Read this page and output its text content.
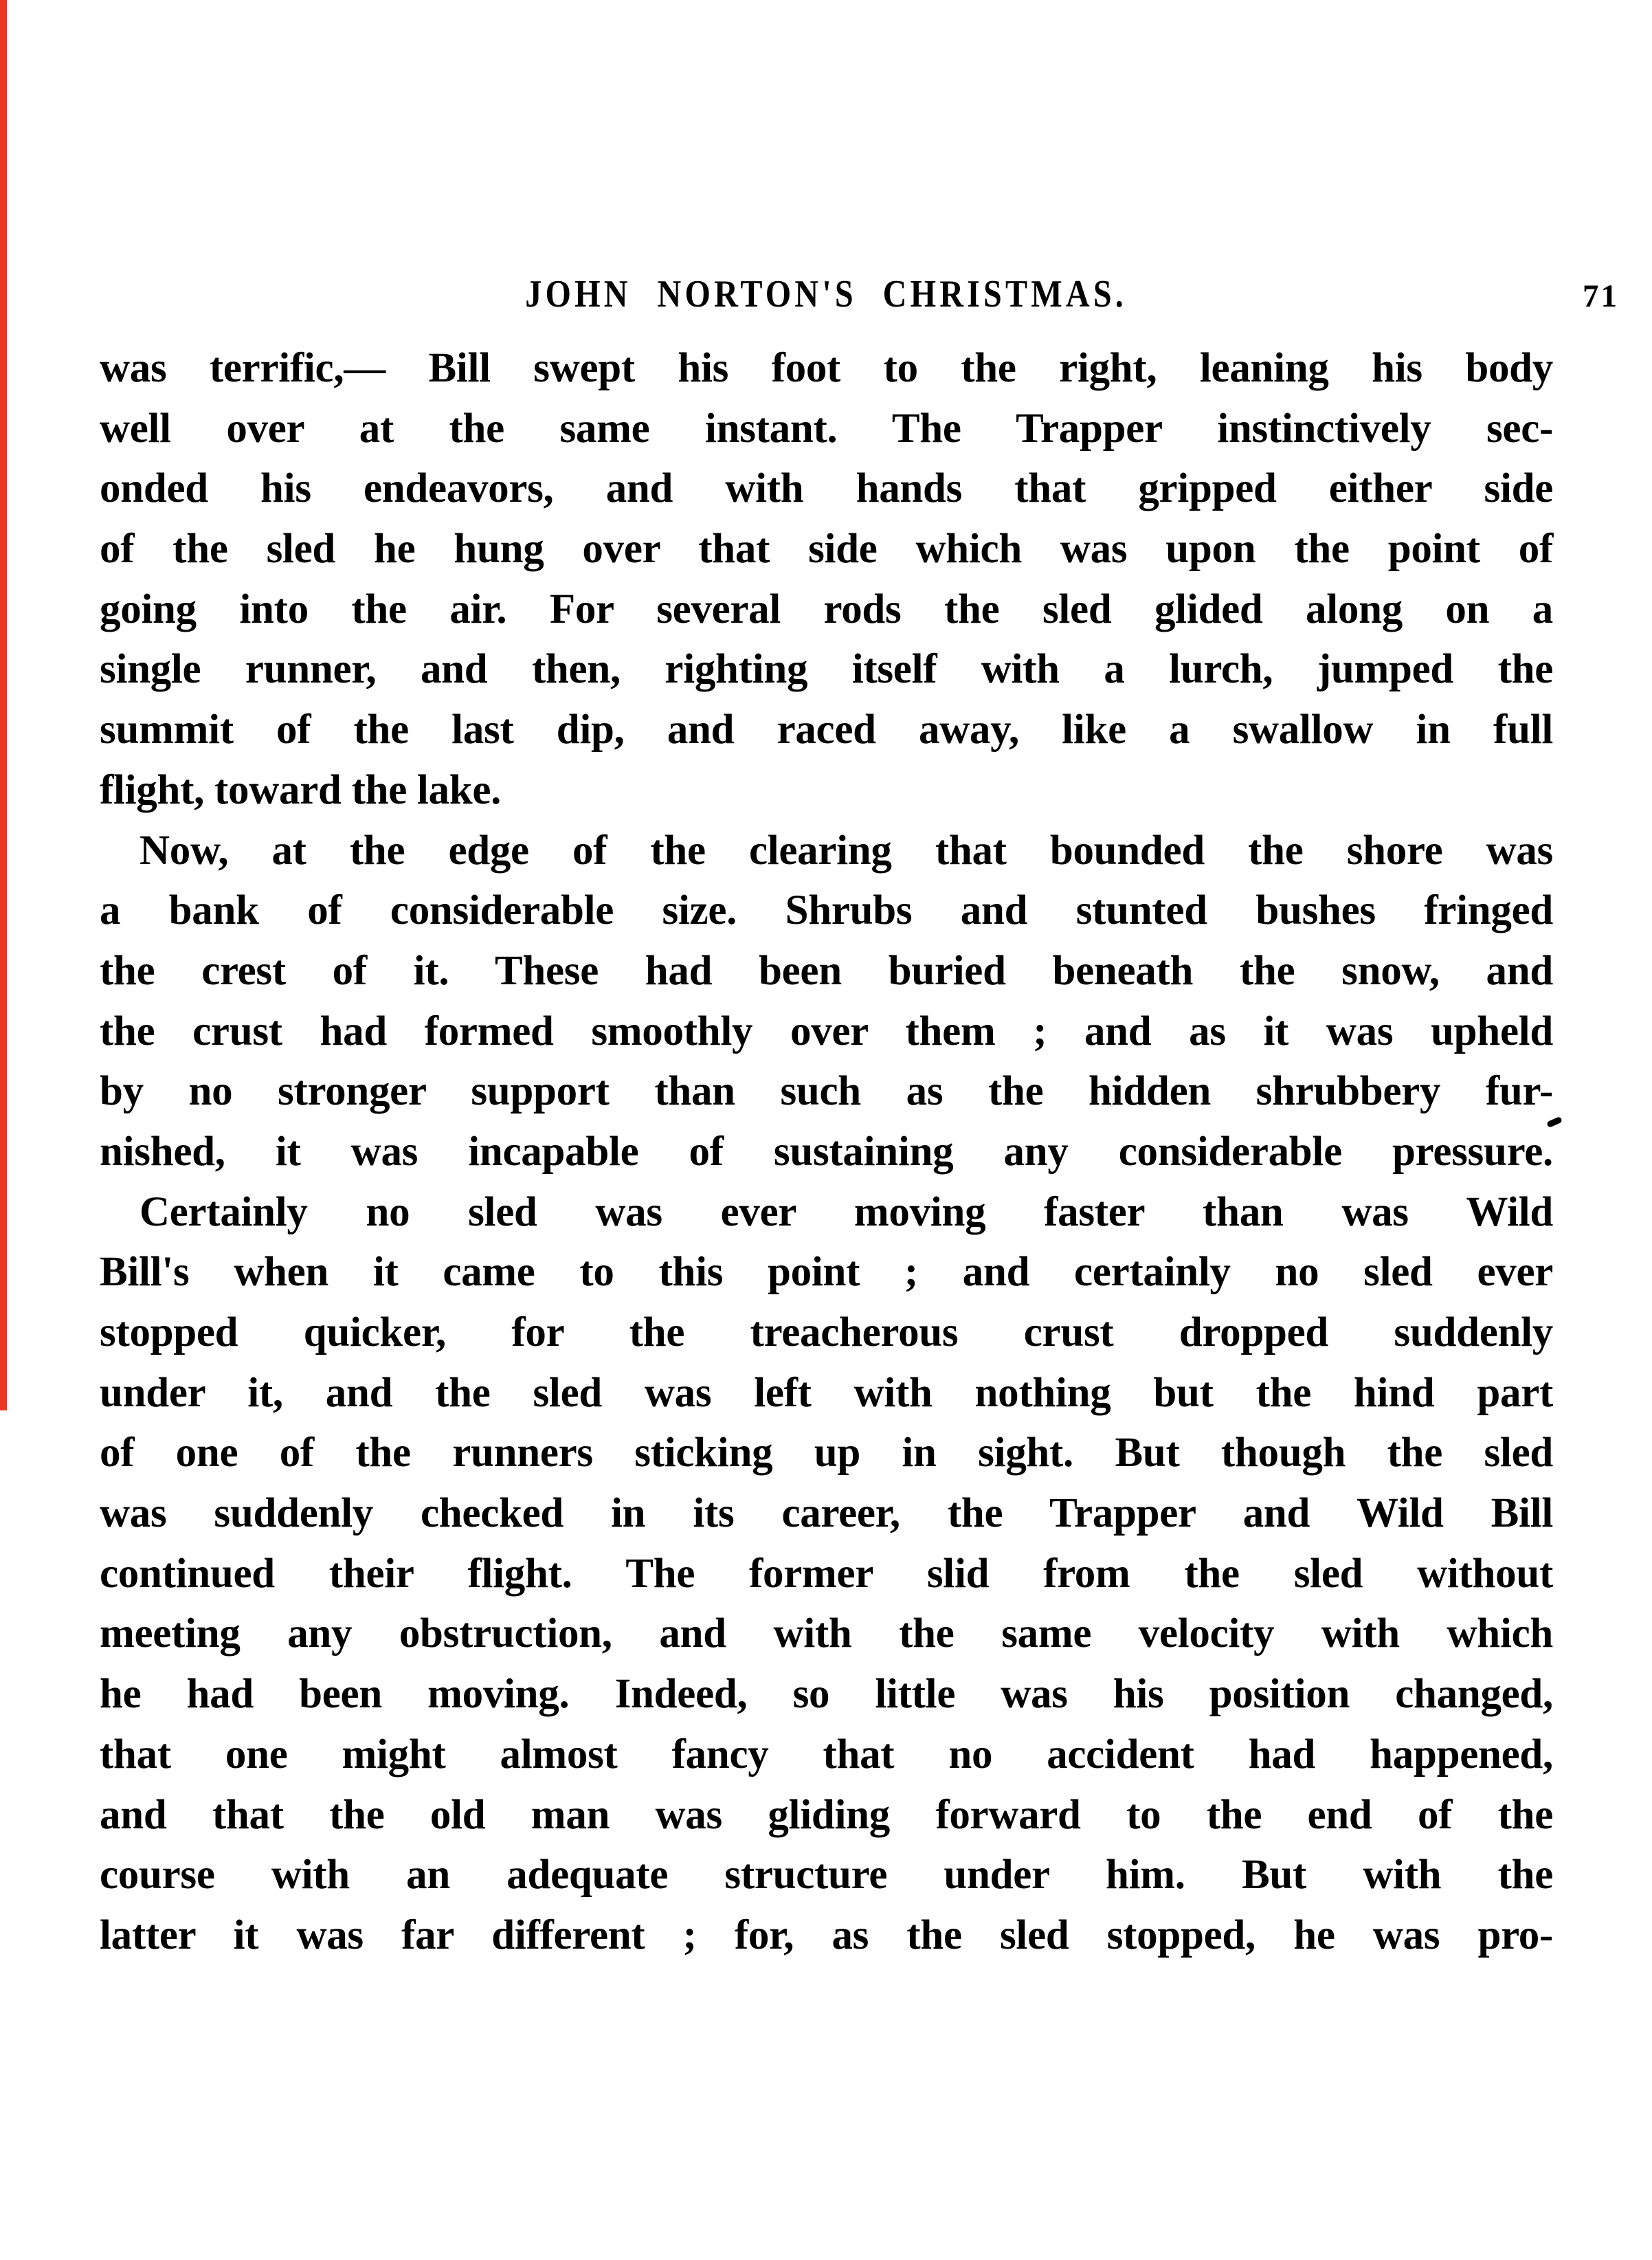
JOHN NORTON'S CHRISTMAS.	71
was terrific,— Bill swept his foot to the right, leaning his body
well over at the same instant. The Trapper instinctively sec-
onded his endeavors, and with hands that gripped either side
of the sled he hung over that side which was upon the point of
going into the air. For several rods the sled glided along on a
single runner, and then, righting itself with a lurch, jumped the
summit of the last dip, and raced away, like a swallow in full
flight, toward the lake.
Now, at the edge of the clearing that bounded the shore was
a bank of considerable size. Shrubs and stunted bushes fringed
the crest of it. These had been buried beneath the snow, and
the crust had formed smoothly over them ; and as it was upheld
by no stronger support than such as the hidden shrubbery fur-
nished, it was incapable of sustaining any considerable pressure.
Certainly no sled was ever moving faster than was Wild
Bill's when it came to this point ; and certainly no sled ever
stopped quicker, for the treacherous crust dropped suddenly
under it, and the sled was left with nothing but the hind part
of one of the runners sticking up in sight. But though the sled
was suddenly checked in its career, the Trapper and Wild Bill
continued their flight. The former slid from the sled without
meeting any obstruction, and with the same velocity with which
he had been moving. Indeed, so little was his position changed,
that one might almost fancy that no accident had happened,
and that the old man was gliding forward to the end of the
course with an adequate structure under him. But with the
latter it was far different ; for, as the sled stopped, he was pro-
